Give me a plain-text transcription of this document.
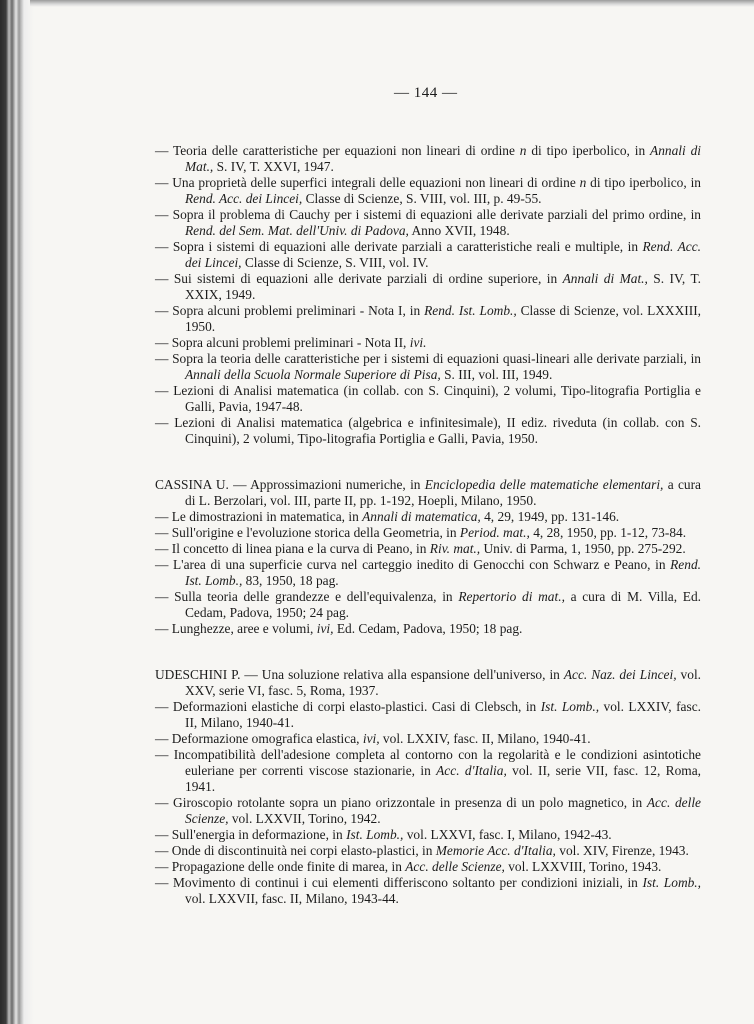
— 144 —

— Teoria delle caratteristiche per equazioni non lineari di ordine n di tipo iperbolico, in Annali di Mat., S. IV, T. XXVI, 1947.

— Una proprietà delle superfici integrali delle equazioni non lineari di ordine n di tipo iperbolico, in Rend. Acc. dei Lincei, Classe di Scienze, S. VIII, vol. III, p. 49-55.

— Sopra il problema di Cauchy per i sistemi di equazioni alle derivate parziali del primo ordine, in Rend. del Sem. Mat. dell'Univ. di Padova, Anno XVII, 1948.

— Sopra i sistemi di equazioni alle derivate parziali a caratteristiche reali e multiple, in Rend. Acc. dei Lincei, Classe di Scienze, S. VIII, vol. IV.

— Sui sistemi di equazioni alle derivate parziali di ordine superiore, in Annali di Mat., S. IV, T. XXIX, 1949.

— Sopra alcuni problemi preliminari - Nota I, in Rend. Ist. Lomb., Classe di Scienze, vol. LXXXIII, 1950.

— Sopra alcuni problemi preliminari - Nota II, ivi.

— Sopra la teoria delle caratteristiche per i sistemi di equazioni quasi-lineari alle derivate parziali, in Annali della Scuola Normale Superiore di Pisa, S. III, vol. III, 1949.

— Lezioni di Analisi matematica (in collab. con S. Cinquini), 2 volumi, Tipo-litografia Portiglia e Galli, Pavia, 1947-48.

— Lezioni di Analisi matematica (algebrica e infinitesimale), II ediz. riveduta (in collab. con S. Cinquini), 2 volumi, Tipo-litografia Portiglia e Galli, Pavia, 1950.

CASSINA U. — Approssimazioni numeriche, in Enciclopedia delle matematiche elementari, a cura di L. Berzolari, vol. III, parte II, pp. 1-192, Hoepli, Milano, 1950.

— Le dimostrazioni in matematica, in Annali di matematica, 4, 29, 1949, pp. 131-146.

— Sull'origine e l'evoluzione storica della Geometria, in Period. mat., 4, 28, 1950, pp. 1-12, 73-84.

— Il concetto di linea piana e la curva di Peano, in Riv. mat., Univ. di Parma, 1, 1950, pp. 275-292.

— L'area di una superficie curva nel carteggio inedito di Genocchi con Schwarz e Peano, in Rend. Ist. Lomb., 83, 1950, 18 pag.

— Sulla teoria delle grandezze e dell'equivalenza, in Repertorio di mat., a cura di M. Villa, Ed. Cedam, Padova, 1950; 24 pag.

— Lunghezze, aree e volumi, ivi, Ed. Cedam, Padova, 1950; 18 pag.

UDESCHINI P. — Una soluzione relativa alla espansione dell'universo, in Acc. Naz. dei Lincei, vol. XXV, serie VI, fasc. 5, Roma, 1937.

— Deformazioni elastiche di corpi elasto-plastici. Casi di Clebsch, in Ist. Lomb., vol. LXXIV, fasc. II, Milano, 1940-41.

— Deformazione omografica elastica, ivi, vol. LXXIV, fasc. II, Milano, 1940-41.

— Incompatibilità dell'adesione completa al contorno con la regolarità e le condizioni asintotiche euleriane per correnti viscose stazionarie, in Acc. d'Italia, vol. II, serie VII, fasc. 12, Roma, 1941.

— Giroscopio rotolante sopra un piano orizzontale in presenza di un polo magnetico, in Acc. delle Scienze, vol. LXXVII, Torino, 1942.

— Sull'energia in deformazione, in Ist. Lomb., vol. LXXVI, fasc. I, Milano, 1942-43.

— Onde di discontinuità nei corpi elasto-plastici, in Memorie Acc. d'Italia, vol. XIV, Firenze, 1943.

— Propagazione delle onde finite di marea, in Acc. delle Scienze, vol. LXXVIII, Torino, 1943.

— Movimento di continui i cui elementi differiscono soltanto per condizioni iniziali, in Ist. Lomb., vol. LXXVII, fasc. II, Milano, 1943-44.
